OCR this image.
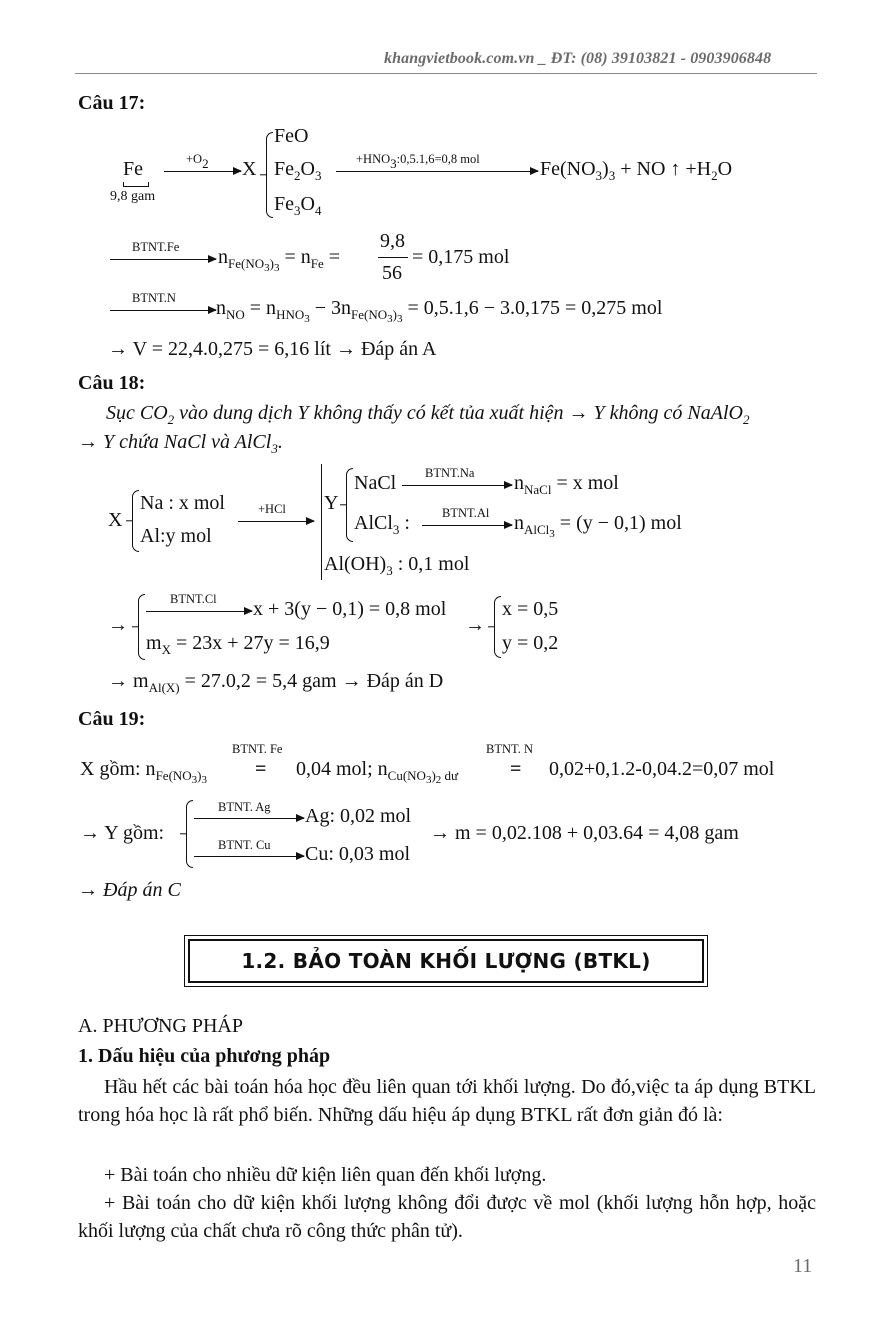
khangvietbook.com.vn _ ĐT: (08) 39103821 - 0903906848
Câu 17:
Fe
9,8 gam
$+O_2$ X
FeO
$Fe_2O_3$
$Fe_3O_4$
$+HNO_3:0,5.1,6=0,8$ mol	$Fe(NO_3)_3$ + NO ↑ $+H_2O$
BTNT.Fe $n_{Fe(NO_3)_3} = n_{Fe}$ =
9,8
56
= 0,175 mol
BTNT.N $n_{NO} = n_{HNO_3} - 3n_{Fe(NO_3)_3} = 0,5.1,6 - 3.0,175 = 0,275$ mol
→ V = 22,4.0,275 = 6,16 lít → Đáp án A
Câu 18:
Sục $CO_2$ vào dung dịch Y không thấy có kết tủa xuất hiện → Y không có NaAlO$_2$
→ Y chứa NaCl và AlCl$_3$.
X
Na : x mol
Al:y mol
+HCl Y
NaCl BTNT.Na $n_{NaCl} = x$ mol
AlCl$_3$ :	BTNT.Al $n_{AlCl_3} = (y - 0,1)$ mol
$Al(OH)_3$ : 0,1 mol
→
BTNT.Cl x + 3(y − 0,1) = 0,8 mol
$m_X = 23x + 27y = 16,9$
→
x = 0,5
y = 0,2
→ $m_{Al(X)} = 27.0,2 = 5,4$ gam → Đáp án D
Câu 19:
BTNT. Fe	BTNT. N
X gồm: $n_{Fe(NO_3)_3} = 0,04$ mol; $n_{Cu(NO_3)_2 dư}$	= 0,02+0,1.2-0,04.2=0,07 mol
→ Y gồm:
BTNT. Ag Ag: 0,02 mol
BTNT. Cu Cu: 0,03 mol
→ m = 0,02.108 + 0,03.64 = 4,08 gam
→ Đáp án C
1.2. BẢO TOÀN KHỐI LƯỢNG (BTKL)
A. PHƯƠNG PHÁP
1. Dấu hiệu của phương pháp
Hầu hết các bài toán hóa học đều liên quan tới khối lượng. Do đó,việc ta áp dụng BTKL trong hóa học là rất phổ biến. Những dấu hiệu áp dụng BTKL rất đơn giản đó là:
+ Bài toán cho nhiều dữ kiện liên quan đến khối lượng.
+ Bài toán cho dữ kiện khối lượng không đổi được về mol (khối lượng hỗn hợp, hoặc khối lượng của chất chưa rõ công thức phân tử).
11
